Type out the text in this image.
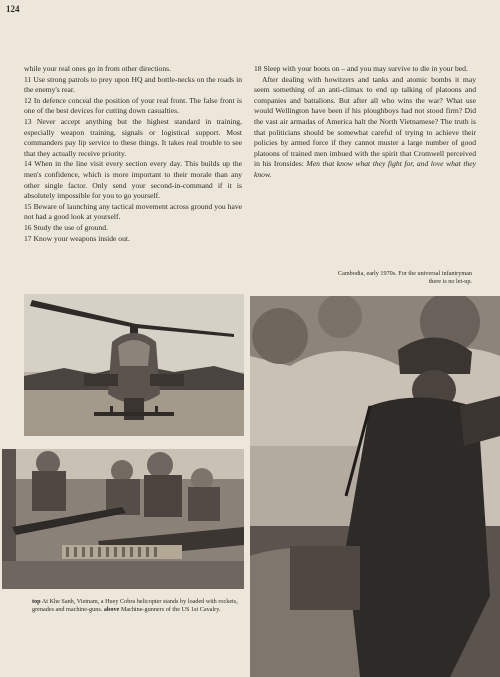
124

while your real ones go in from other directions.

11 Use strong patrols to prey upon HQ and bottle-necks on the roads in the enemy's rear.

12 In defence conceal the position of your real front. The false front is one of the best devices for cutting down casualties.

13 Never accept anything but the highest standard in training, especially weapon training, signals or logistical support. Most commanders pay lip service to these things. It takes real trouble to see that they actually receive priority.

14 When in the line visit every section every day. This builds up the men's confidence, which is more important to their morale than any other single factor. Only send your second-in-command if it is absolutely impossible for you to go yourself.

15 Beware of launching any tactical movement across ground you have not had a good look at yourself.

16 Study the use of ground.

17 Know your weapons inside out.

18 Sleep with your boots on – and you may survive to die in your bed.

After dealing with howitzers and tanks and atomic bombs it may seem something of an anti-climax to end up talking of platoons and companies and battalions. But after all who wins the war? What use would Wellington have been if his ploughboys had not stood firm? Did the vast air armadas of America halt the North Vietnamese? The truth is that politicians should be somewhat careful of trying to achieve their policies by armed force if they cannot muster a large number of good platoons of trained men imbued with the spirit that Cromwell perceived in his Ironsides: Men that know what they fight for, and love what they know.

Cambodia, early 1970s. For the universal infantryman there is no let-up.
top At Khe Sanh, Vietnam, a Huey Cobra helicopter stands by loaded with rockets, grenades and machine-guns. above Machine-gunners of the US 1st Cavalry.
